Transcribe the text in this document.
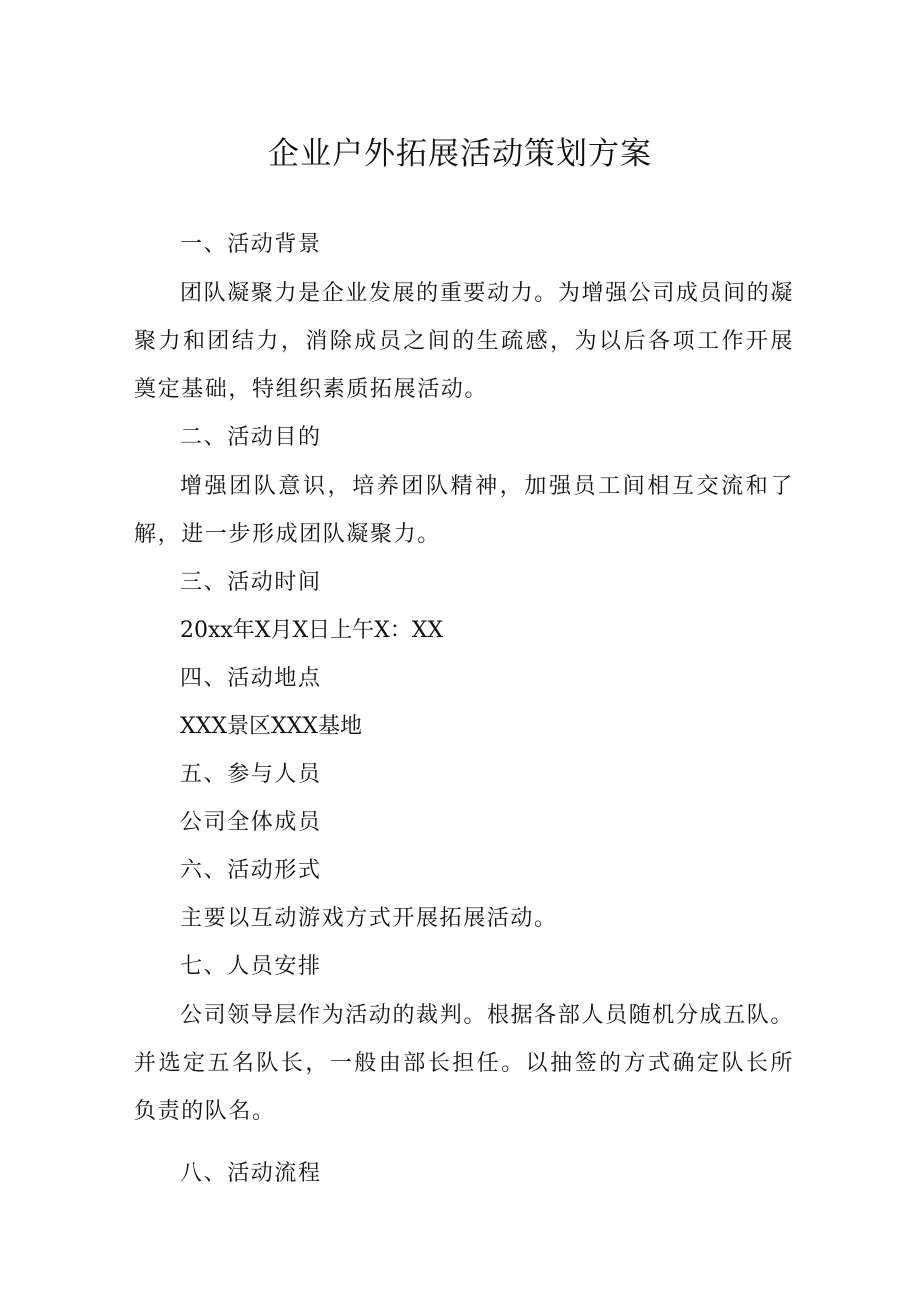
企业户外拓展活动策划方案
一、活动背景

团队凝聚力是企业发展的重要动力。为增强公司成员间的凝聚力和团结力，消除成员之间的生疏感，为以后各项工作开展奠定基础，特组织素质拓展活动。

二、活动目的

增强团队意识，培养团队精神，加强员工间相互交流和了解，进一步形成团队凝聚力。

三、活动时间
20xx年X月X日上午X：XX
四、活动地点
XXX景区XXX基地
五、参与人员
公司全体成员
六、活动形式
主要以互动游戏方式开展拓展活动。
七、人员安排

公司领导层作为活动的裁判。根据各部人员随机分成五队。并选定五名队长，一般由部长担任。以抽签的方式确定队长所负责的队名。

八、活动流程
